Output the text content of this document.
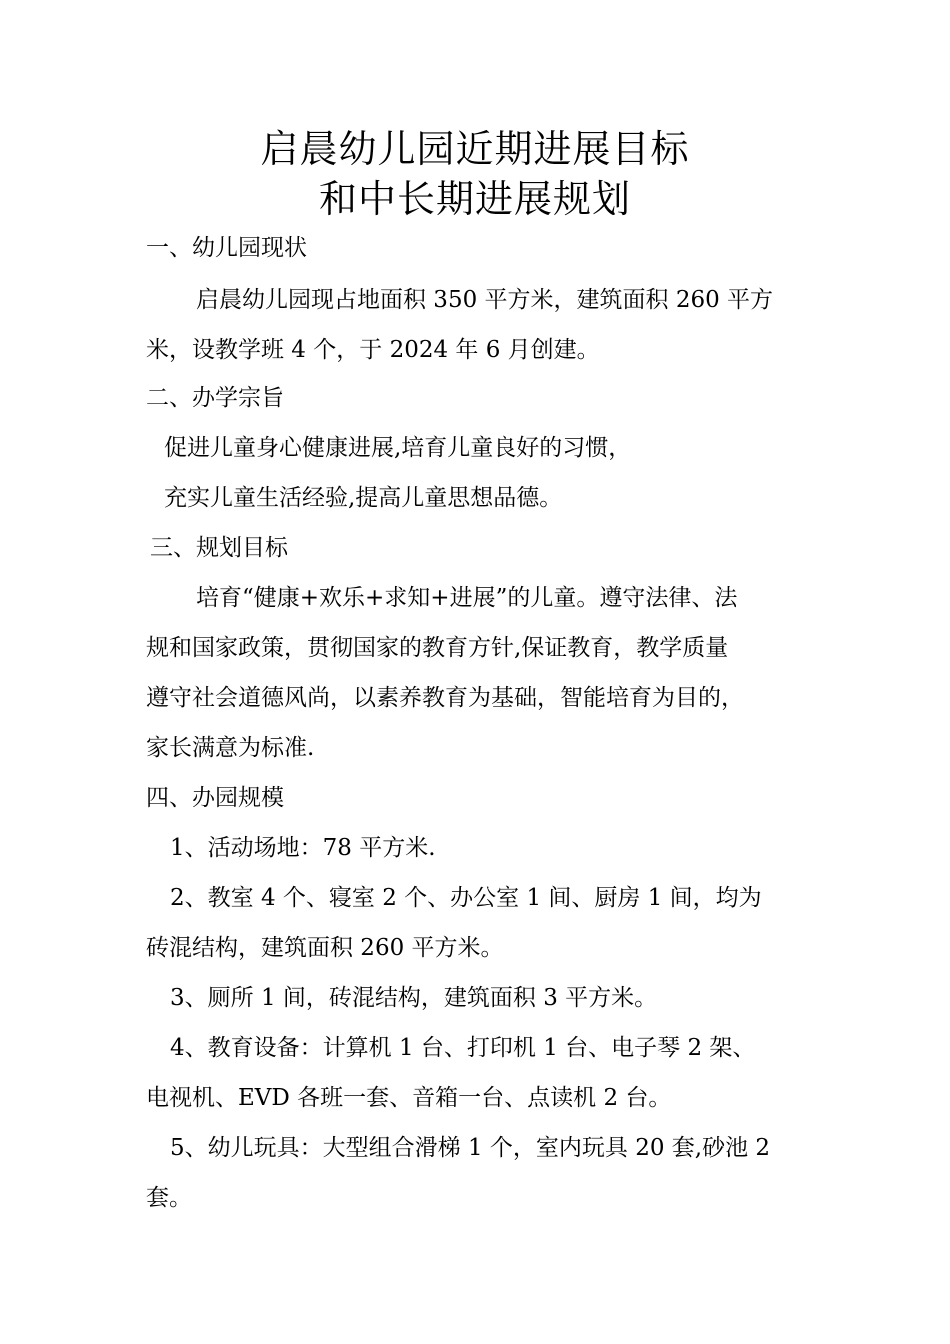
启晨幼儿园近期进展目标
和中长期进展规划
一、幼儿园现状
启晨幼儿园现占地面积 350 平方米，建筑面积 260 平方
米，设教学班 4 个，于 2024 年 6 月创建。
二、办学宗旨
促进儿童身心健康进展,培育儿童良好的习惯，
充实儿童生活经验,提高儿童思想品德。
三、规划目标
培育“健康+欢乐+求知+进展”的儿童。遵守法律、法
规和国家政策，贯彻国家的教育方针,保证教育，教学质量
遵守社会道德风尚，以素养教育为基础，智能培育为目的，
家长满意为标准.
四、办园规模
1、活动场地：78 平方米.
2、教室 4 个、寝室 2 个、办公室 1 间、厨房 1 间，均为
砖混结构，建筑面积 260 平方米。
3、厕所 1 间，砖混结构，建筑面积 3 平方米。
4、教育设备：计算机 1 台、打印机 1 台、电子琴 2 架、
电视机、EVD 各班一套、音箱一台、点读机 2 台。
5、幼儿玩具：大型组合滑梯 1 个，室内玩具 20 套,砂池 2
套。
